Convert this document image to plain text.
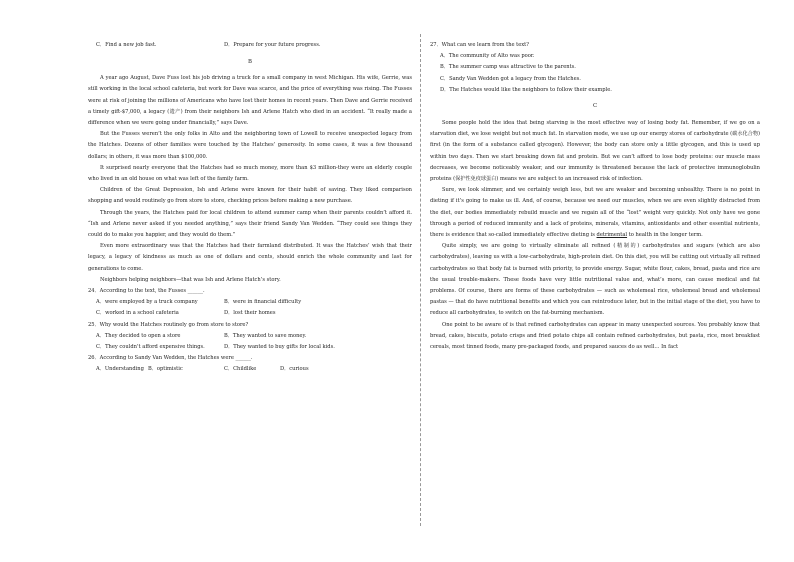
C．Find a new job fast.	D．Prepare for your future progress.

B

A year ago August, Dave Fuss lost his job driving a truck for a small company in west Michigan. His wife, Gerrie, was still working in the local school cafeteria, but work for Dave was scarce, and the price of everything was rising. The Fusses were at risk of joining the millions of Americans who have lost their homes in recent years. Then Dave and Gerrie received a timely gift-$7,000, a legacy (遗产) from their neighbors Ish and Arlene Hatch who died in an accident. “It really made a difference when we were going under financially,” says Dave.

But the Fusses weren’t the only folks in Alto and the neighboring town of Lowell to receive unexpected legacy from the Hatches. Dozens of other families were touched by the Hatches’ generosity. In some cases, it was a few thousand dollars; in others, it was more than $100,000.

It surprised nearly everyone that the Hatches had so much money, more than $3 million-they were an elderly couple who lived in an old house on what was left of the family farm.

Children of the Great Depression, Ish and Arlene were known for their habit of saving. They liked comparison shopping and would routinely go from store to store, checking prices before making a new purchase.

Through the years, the Hatches paid for local children to attend summer camp when their parents couldn’t afford it. “Ish and Arlene never asked if you needed anything,” says their friend Sandy Van Wedden. “They could see things they could do to make you happier, and they would do them.”

Even more extraordinary was that the Hatches had their farmland distributed. It was the Hatches’ wish that their legacy, a legacy of kindness as much as one of dollars and cents, should enrich the whole community and last for generations to come.

Neighbors helping neighbors—that was Ish and Arlene Hatch’s story.

24．According to the text, the Fusses ______.

A．were employed by a truck company	B．were in financial difficulty
C．worked in a school cafeteria	D．lost their homes

25．Why would the Hatches routinely go from store to store?

A．They decided to open a store	B．They wanted to save money.
C．They couldn’t afford expensive things.	D．They wanted to buy gifts for local kids.

26．According to Sandy Van Wedden, the Hatches were ______.

A．Understanding B．optimistic	C．Childlike	D．curious

27．What can we learn from the text?

A．The community of Alto was poor.

B．The summer camp was attractive to the parents.

C．Sandy Van Wedden got a legacy from the Hatches.

D．The Hatches would like the neighbors to follow their example.

C

Some people hold the idea that being starving is the most effective way of losing body fat. Remember, if we go on a starvation diet, we lose weight but not much fat. In starvation mode, we use up our energy stores of carbohydrate (碳水化合物) first (in the form of a substance called glycogen). However, the body can store only a little glycogen, and this is used up within two days. Then we start breaking down fat and protein. But we can’t afford to lose body proteins: our muscle mass decreases, we become noticeably weaker, and our immunity is threatened because the lack of protective immunoglobulin proteins (保护性免疫球蛋白) means we are subject to an increased risk of infection.

Sure, we look slimmer, and we certainly weigh less, but we are weaker and becoming unhealthy. There is no point in dieting if it’s going to make us ill. And, of course, because we need our muscles, when we are even slightly distracted from the diet, our bodies immediately rebuild muscle and we regain all of the “lost” weight very quickly. Not only have we gone through a period of reduced immunity and a lack of proteins, minerals, vitamins, antioxidants and other essential nutrients, there is evidence that so-called immediately effective dieting is detrimental to health in the longer term.

Quite simply, we are going to virtually eliminate all refined (精制的) carbohydrates and sugars (which are also carbohydrates), leaving us with a low-carbohydrate, high-protein diet. On this diet, you will be cutting out virtually all refined carbohydrates so that body fat is burned with priority, to provide energy. Sugar, white flour, cakes, bread, pasta and rice are the usual trouble-makers. These foods have very little nutritional value and, what’s more, can cause medical and fat problems. Of course, there are forms of these carbohydrates — such as wholemeal rice, wholemeal bread and wholemeal pastas — that do have nutritional benefits and which you can reintroduce later, but in the initial stage of the diet, you have to reduce all carbohydrates, to switch on the fat-burning mechanism.

One point to be aware of is that refined carbohydrates can appear in many unexpected sources. You probably know that bread, cakes, biscuits, potato crisps and fried potato chips all contain refined carbohydrates, but pasta, rice, most breakfast cereals, most tinned foods, many pre-packaged foods, and prepared sauces do as well… In fact
